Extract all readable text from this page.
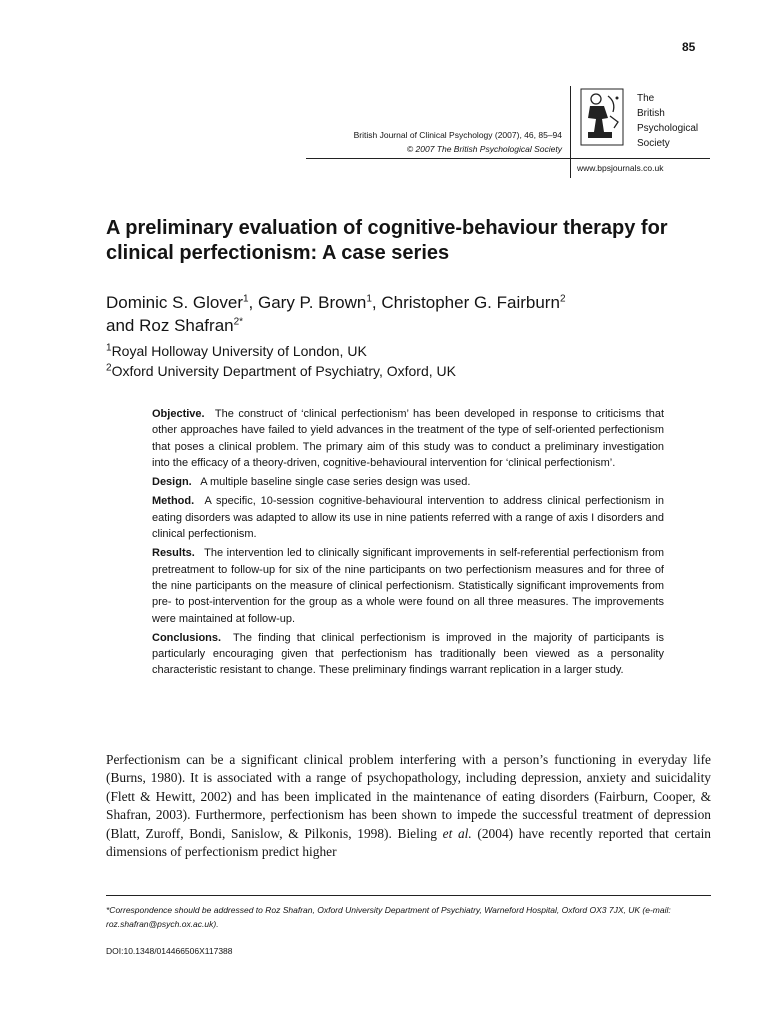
85
British Journal of Clinical Psychology (2007), 46, 85–94
© 2007 The British Psychological Society
The
British
Psychological
Society
www.bpsjournals.co.uk
A preliminary evaluation of cognitive-behaviour therapy for clinical perfectionism: A case series
Dominic S. Glover$^1$, Gary P. Brown$^1$, Christopher G. Fairburn$^2$
and Roz Shafran$^{2*}$
$^1$Royal Holloway University of London, UK
$^2$Oxford University Department of Psychiatry, Oxford, UK

Objective. The construct of ‘clinical perfectionism’ has been developed in response to criticisms that other approaches have failed to yield advances in the treatment of the type of self-oriented perfectionism that poses a clinical problem. The primary aim of this study was to conduct a preliminary investigation into the efficacy of a theory-driven, cognitive-behavioural intervention for ‘clinical perfectionism’.

Design. A multiple baseline single case series design was used.

Method. A specific, 10-session cognitive-behavioural intervention to address clinical perfectionism in eating disorders was adapted to allow its use in nine patients referred with a range of axis I disorders and clinical perfectionism.

Results. The intervention led to clinically significant improvements in self-referential perfectionism from pretreatment to follow-up for six of the nine participants on two perfectionism measures and for three of the nine participants on the measure of clinical perfectionism. Statistically significant improvements from pre- to post-intervention for the group as a whole were found on all three measures. The improvements were maintained at follow-up.

Conclusions. The finding that clinical perfectionism is improved in the majority of participants is particularly encouraging given that perfectionism has traditionally been viewed as a personality characteristic resistant to change. These preliminary findings warrant replication in a larger study.

Perfectionism can be a significant clinical problem interfering with a person’s functioning in everyday life (Burns, 1980). It is associated with a range of psychopathology, including depression, anxiety and suicidality (Flett & Hewitt, 2002) and has been implicated in the maintenance of eating disorders (Fairburn, Cooper, & Shafran, 2003). Furthermore, perfectionism has been shown to impede the successful treatment of depression (Blatt, Zuroff, Bondi, Sanislow, & Pilkonis, 1998). Bieling et al. (2004) have recently reported that certain dimensions of perfectionism predict higher
*Correspondence should be addressed to Roz Shafran, Oxford University Department of Psychiatry, Warneford Hospital, Oxford OX3 7JX, UK (e-mail: roz.shafran@psych.ox.ac.uk).
DOI:10.1348/014466506X117388
